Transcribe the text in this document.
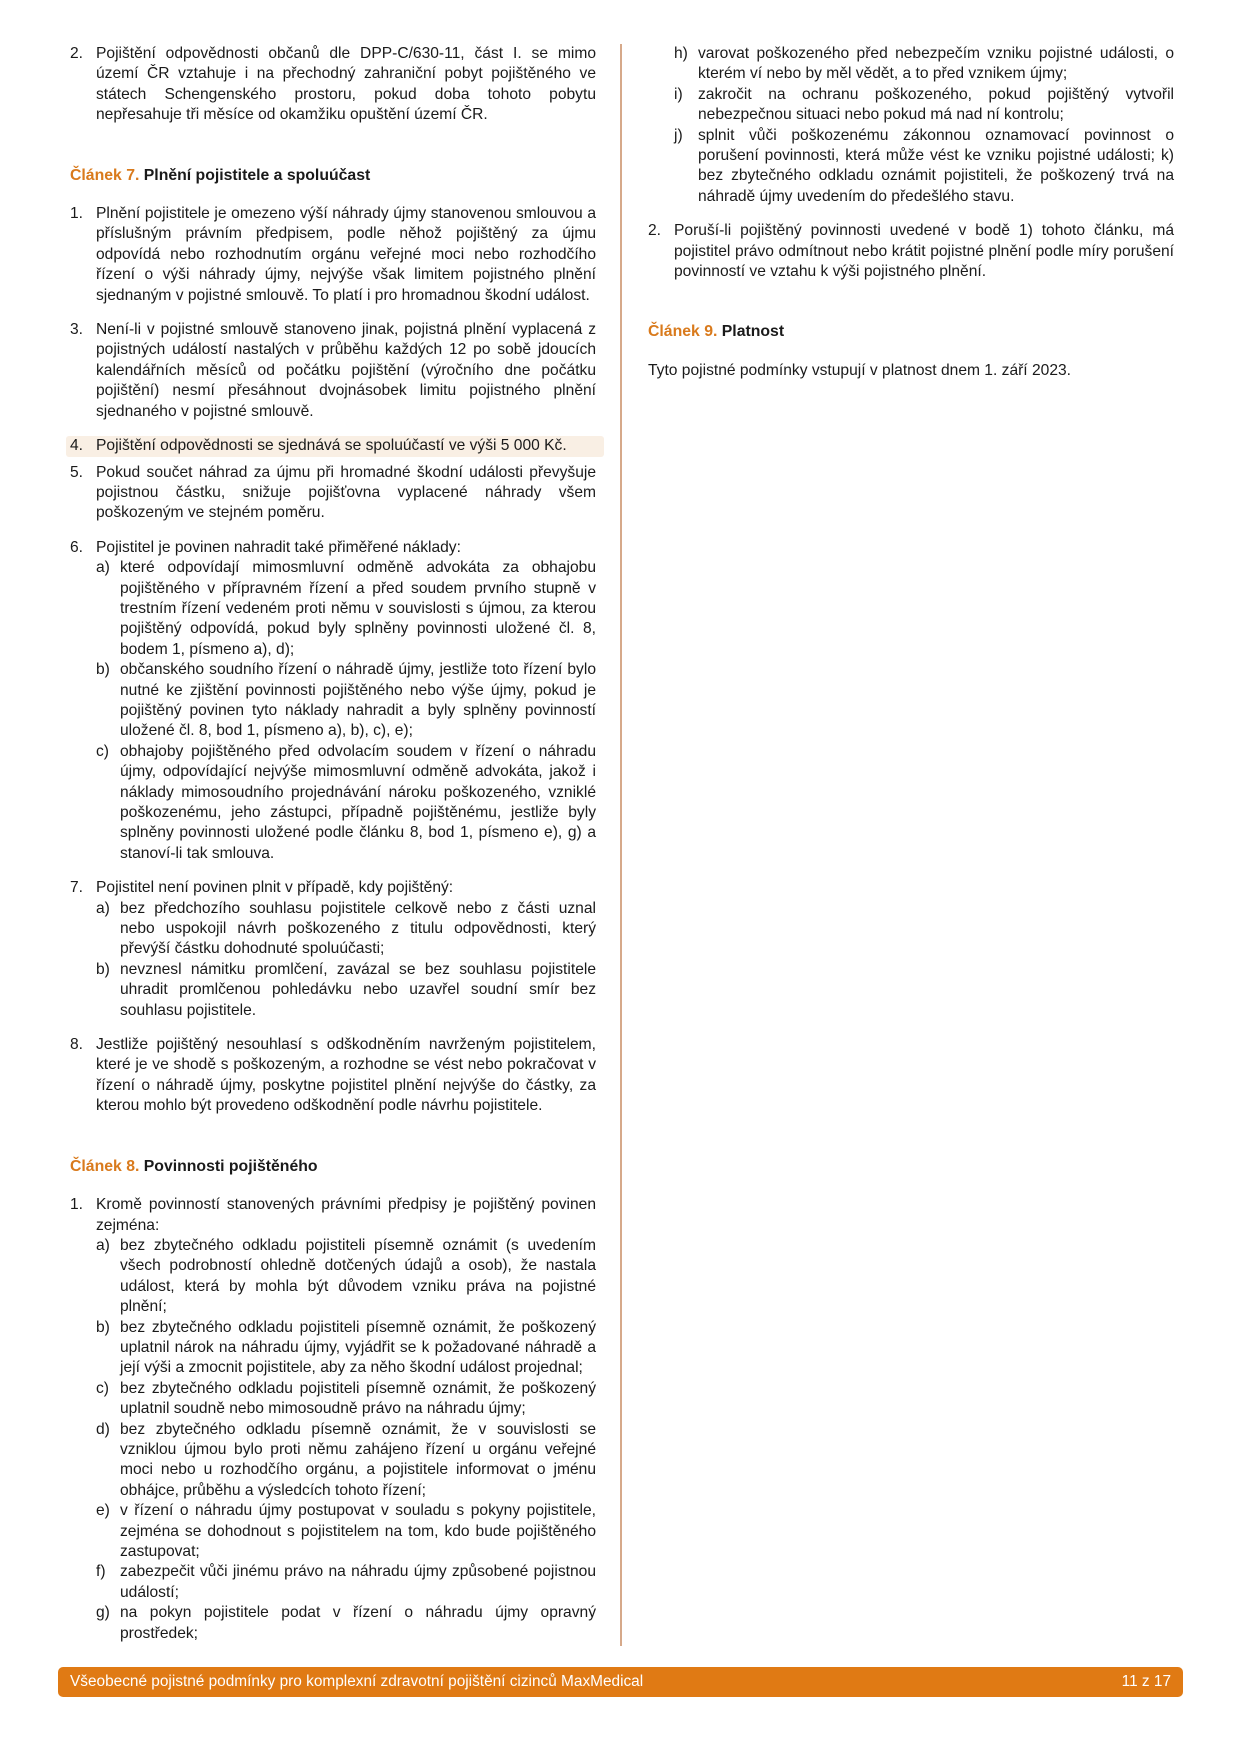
2. Pojištění odpovědnosti občanů dle DPP-C/630-11, část I. se mimo území ČR vztahuje i na přechodný zahraniční pobyt pojištěného ve státech Schengenského prostoru, pokud doba tohoto pobytu nepřesahuje tři měsíce od okamžiku opuštění území ČR.
Článek 7. Plnění pojistitele a spoluúčast
1. Plnění pojistitele je omezeno výší náhrady újmy stanovenou smlouvou a příslušným právním předpisem, podle něhož pojištěný za újmu odpovídá nebo rozhodnutím orgánu veřejné moci nebo rozhodčího řízení o výši náhrady újmy, nejvýše však limitem pojistného plnění sjednaným v pojistné smlouvě. To platí i pro hromadnou škodní událost.
3. Není-li v pojistné smlouvě stanoveno jinak, pojistná plnění vyplacená z pojistných událostí nastalých v průběhu každých 12 po sobě jdoucích kalendářních měsíců od počátku pojištění (výročního dne počátku pojištění) nesmí přesáhnout dvojnásobek limitu pojistného plnění sjednaného v pojistné smlouvě.
4. Pojištění odpovědnosti se sjednává se spoluúčastí ve výši 5 000 Kč.
5. Pokud součet náhrad za újmu při hromadné škodní události převyšuje pojistnou částku, snižuje pojišťovna vyplacené náhrady všem poškozeným ve stejném poměru.
6. Pojistitel je povinen nahradit také přiměřené náklady:
a) které odpovídají mimosmluvní odměně advokáta za obhajobu pojištěného v přípravném řízení a před soudem prvního stupně v trestním řízení vedeném proti němu v souvislosti s újmou, za kterou pojištěný odpovídá, pokud byly splněny povinnosti uložené čl. 8, bodem 1, písmeno a), d);
b) občanského soudního řízení o náhradě újmy, jestliže toto řízení bylo nutné ke zjištění povinnosti pojištěného nebo výše újmy, pokud je pojištěný povinen tyto náklady nahradit a byly splněny povinností uložené čl. 8, bod 1, písmeno a), b), c), e);
c) obhajoby pojištěného před odvolacím soudem v řízení o náhradu újmy, odpovídající nejvýše mimosmluvní odměně advokáta, jakož i náklady mimosoudního projednávání nároku poškozeného, vzniklé poškozenému, jeho zástupci, případně pojištěnému, jestliže byly splněny povinnosti uložené podle článku 8, bod 1, písmeno e), g) a stanoví-li tak smlouva.
7. Pojistitel není povinen plnit v případě, kdy pojištěný:
a) bez předchozího souhlasu pojistitele celkově nebo z části uznal nebo uspokojil návrh poškozeného z titulu odpovědnosti, který převýší částku dohodnuté spoluúčasti;
b) nevznesl námitku promlčení, zavázal se bez souhlasu pojistitele uhradit promlčenou pohledávku nebo uzavřel soudní smír bez souhlasu pojistitele.
8. Jestliže pojištěný nesouhlasí s odškodněním navrženým pojistitelem, které je ve shodě s poškozeným, a rozhodne se vést nebo pokračovat v řízení o náhradě újmy, poskytne pojistitel plnění nejvýše do částky, za kterou mohlo být provedeno odškodnění podle návrhu pojistitele.
Článek 8. Povinnosti pojištěného
1. Kromě povinností stanovených právními předpisy je pojištěný povinen zejména:
a) bez zbytečného odkladu pojistiteli písemně oznámit (s uvedením všech podrobností ohledně dotčených údajů a osob), že nastala událost, která by mohla být důvodem vzniku práva na pojistné plnění;
b) bez zbytečného odkladu pojistiteli písemně oznámit, že poškozený uplatnil nárok na náhradu újmy, vyjádřit se k požadované náhradě a její výši a zmocnit pojistitele, aby za něho škodní událost projednal;
c) bez zbytečného odkladu pojistiteli písemně oznámit, že poškozený uplatnil soudně nebo mimosoudně právo na náhradu újmy;
d) bez zbytečného odkladu písemně oznámit, že v souvislosti se vzniklou újmou bylo proti němu zahájeno řízení u orgánu veřejné moci nebo u rozhodčího orgánu, a pojistitele informovat o jménu obhájce, průběhu a výsledcích tohoto řízení;
e) v řízení o náhradu újmy postupovat v souladu s pokyny pojistitele, zejména se dohodnout s pojistitelem na tom, kdo bude pojištěného zastupovat;
f) zabezpečit vůči jinému právo na náhradu újmy způsobené pojistnou událostí;
g) na pokyn pojistitele podat v řízení o náhradu újmy opravný prostředek;
h) varovat poškozeného před nebezpečím vzniku pojistné události, o kterém ví nebo by měl vědět, a to před vznikem újmy;
i) zakročit na ochranu poškozeného, pokud pojištěný vytvořil nebezpečnou situaci nebo pokud má nad ní kontrolu;
j) splnit vůči poškozenému zákonnou oznamovací povinnost o porušení povinnosti, která může vést ke vzniku pojistné události; k) bez zbytečného odkladu oznámit pojistiteli, že poškozený trvá na náhradě újmy uvedením do předešlého stavu.
2. Poruší-li pojištěný povinnosti uvedené v bodě 1) tohoto článku, má pojistitel právo odmítnout nebo krátit pojistné plnění podle míry porušení povinností ve vztahu k výši pojistného plnění.
Článek 9. Platnost
Tyto pojistné podmínky vstupují v platnost dnem 1. září 2023.
Všeobecné pojistné podmínky pro komplexní zdravotní pojištění cizinců MaxMedical	11 z 17
